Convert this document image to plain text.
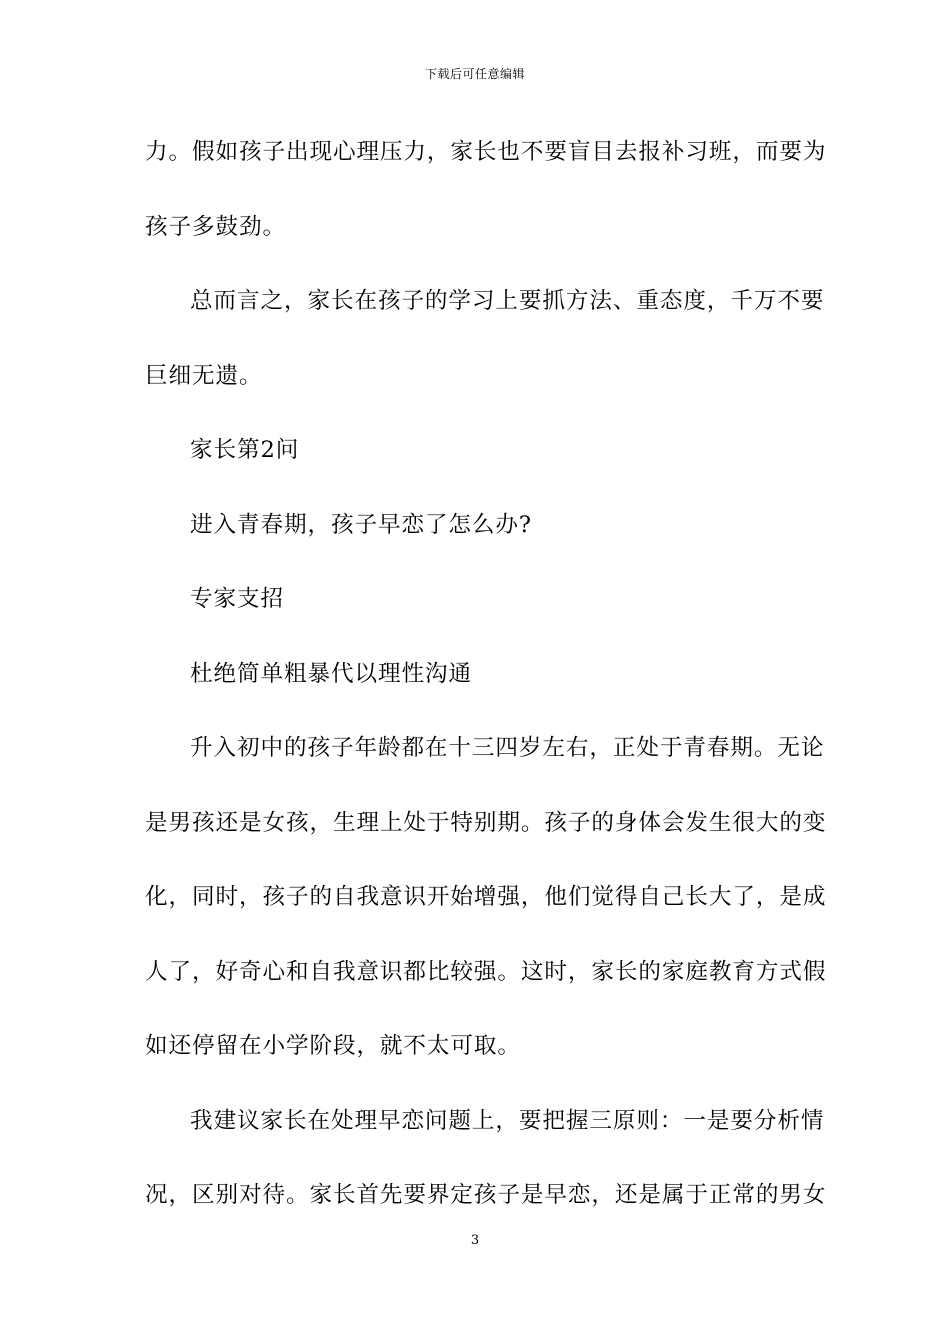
下载后可任意编辑
力。假如孩子出现心理压力，家长也不要盲目去报补习班，而要为
孩子多鼓劲。
总而言之，家长在孩子的学习上要抓方法、重态度，千万不要
巨细无遗。
家长第2问
进入青春期，孩子早恋了怎么办?
专家支招
杜绝简单粗暴代以理性沟通
升入初中的孩子年龄都在十三四岁左右，正处于青春期。无论
是男孩还是女孩，生理上处于特别期。孩子的身体会发生很大的变
化，同时，孩子的自我意识开始增强，他们觉得自己长大了，是成
人了，好奇心和自我意识都比较强。这时，家长的家庭教育方式假
如还停留在小学阶段，就不太可取。
我建议家长在处理早恋问题上，要把握三原则：一是要分析情
况，区别对待。家长首先要界定孩子是早恋，还是属于正常的男女
3
